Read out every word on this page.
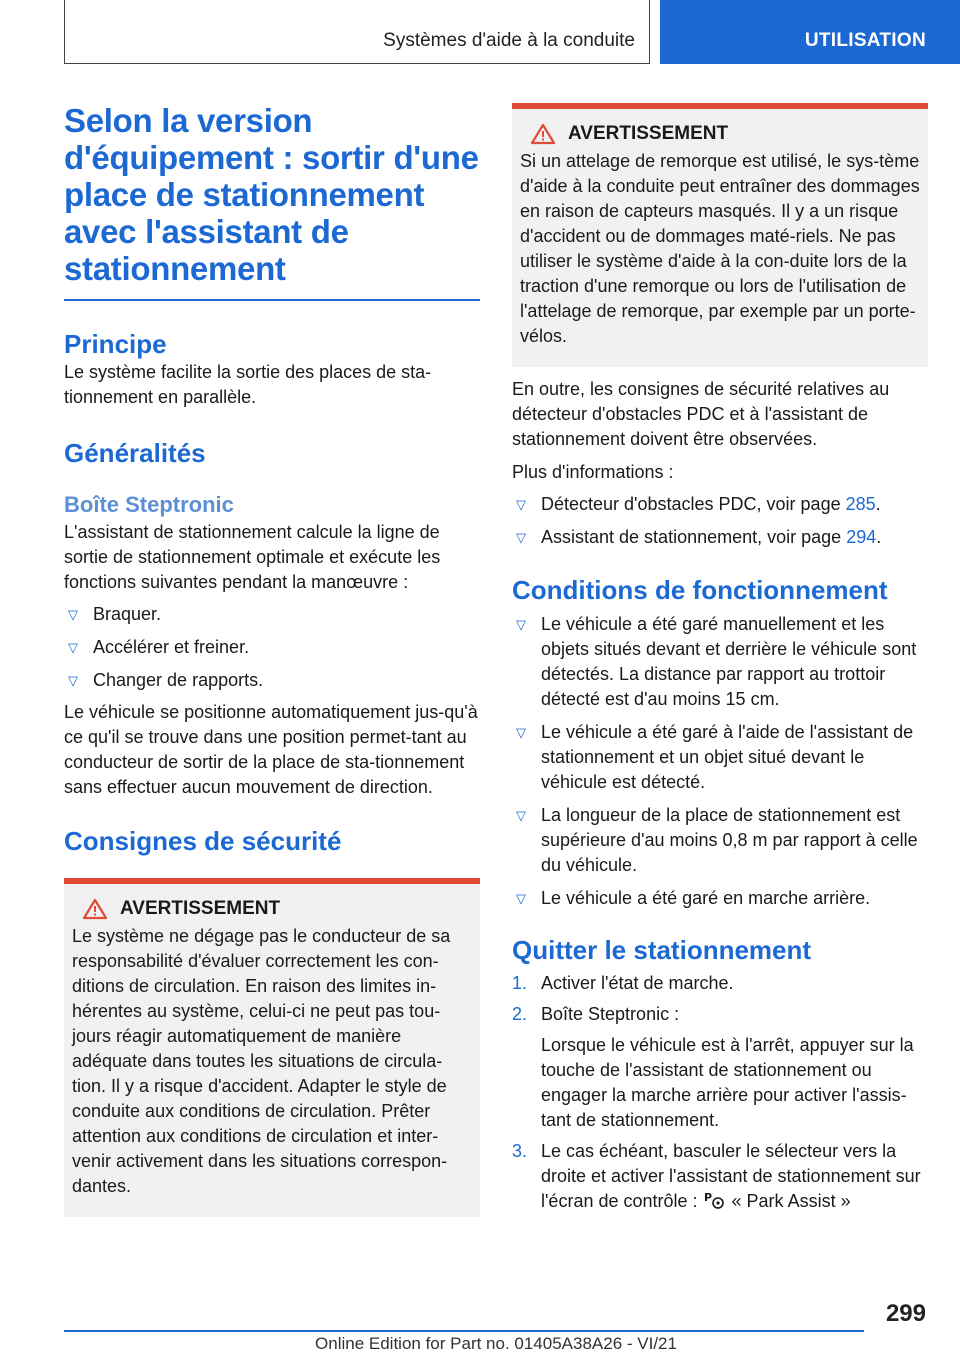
Systèmes d'aide à la conduite	UTILISATION
Selon la version d'équipement : sortir d'une place de stationnement avec l'assistant de stationnement
Principe

Le système facilite la sortie des places de sta-tionnement en parallèle.

Généralités
Boîte Steptronic

L'assistant de stationnement calcule la ligne de sortie de stationnement optimale et exécute les fonctions suivantes pendant la manœuvre :

▽ Braquer.
▽ Accélérer et freiner.
▽ Changer de rapports.

Le véhicule se positionne automatiquement jus-qu'à ce qu'il se trouve dans une position permet-tant au conducteur de sortir de la place de sta-tionnement sans effectuer aucun mouvement de direction.

Consignes de sécurité
AVERTISSEMENT

Le système ne dégage pas le conducteur de sa responsabilité d'évaluer correctement les con-ditions de circulation. En raison des limites in-hérentes au système, celui-ci ne peut pas tou-jours réagir automatiquement de manière adéquate dans toutes les situations de circula-tion. Il y a risque d'accident. Adapter le style de conduite aux conditions de circulation. Prêter attention aux conditions de circulation et inter-venir activement dans les situations correspon-dantes.

AVERTISSEMENT

Si un attelage de remorque est utilisé, le sys-tème d'aide à la conduite peut entraîner des dommages en raison de capteurs masqués. Il y a un risque d'accident ou de dommages maté-riels. Ne pas utiliser le système d'aide à la con-duite lors de la traction d'une remorque ou lors de l'utilisation de l'attelage de remorque, par exemple par un porte-vélos.

En outre, les consignes de sécurité relatives au détecteur d'obstacles PDC et à l'assistant de stationnement doivent être observées.

Plus d'informations :

▽ Détecteur d'obstacles PDC, voir page 285.
▽ Assistant de stationnement, voir page 294.
Conditions de fonctionnement
▽ Le véhicule a été garé manuellement et les objets situés devant et derrière le véhicule sont détectés. La distance par rapport au trottoir détecté est d'au moins 15 cm.
▽ Le véhicule a été garé à l'aide de l'assistant de stationnement et un objet situé devant le véhicule est détecté.
▽ La longueur de la place de stationnement est supérieure d'au moins 0,8 m par rapport à celle du véhicule.
▽ Le véhicule a été garé en marche arrière.
Quitter le stationnement
1. Activer l'état de marche.
2. Boîte Steptronic :
Lorsque le véhicule est à l'arrêt, appuyer sur la touche de l'assistant de stationnement ou engager la marche arrière pour activer l'assis-tant de stationnement.
3. Le cas échéant, basculer le sélecteur vers la droite et activer l'assistant de stationnement sur l'écran de contrôle : P « Park Assist »
299
Online Edition for Part no. 01405A38A26 - VI/21
